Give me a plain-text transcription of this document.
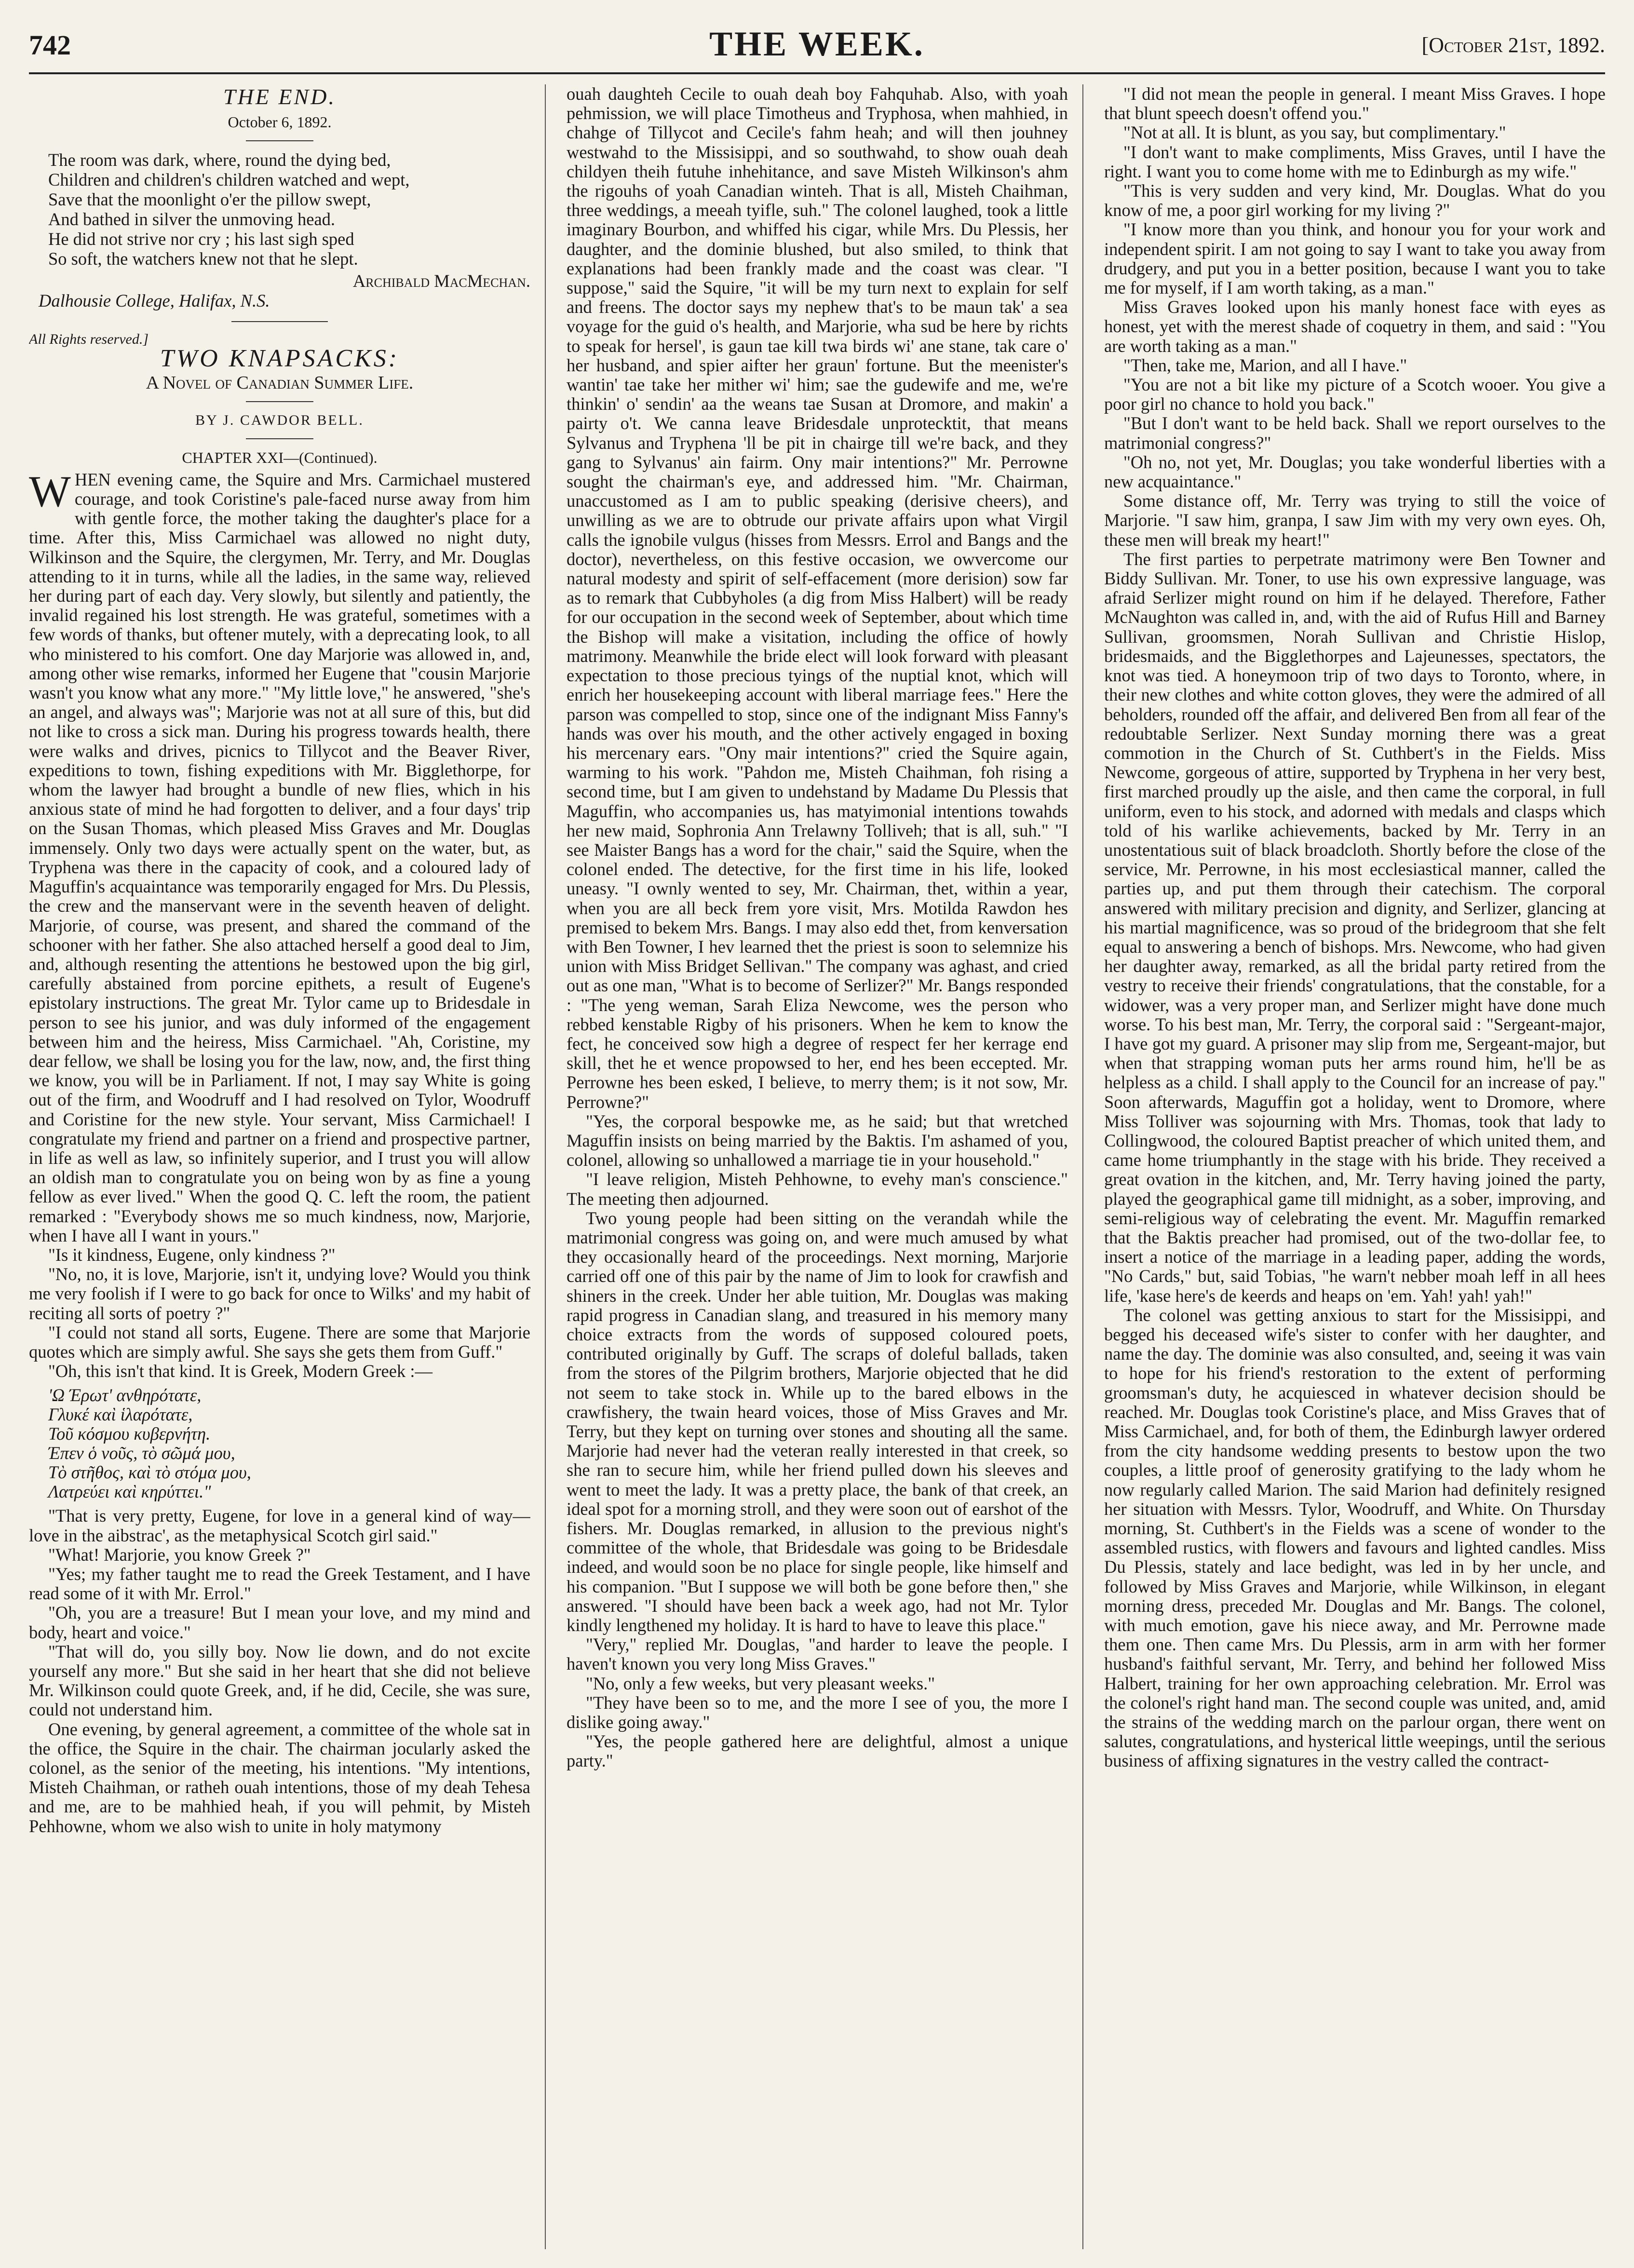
742	THE WEEK.	[October 21st, 1892.
THE END.
October 6, 1892.

The room was dark, where, round the dying bed,

Children and children's children watched and wept,

Save that the moonlight o'er the pillow swept,

And bathed in silver the unmoving head.

He did not strive nor cry ; his last sigh sped

So soft, the watchers knew not that he slept.

Archibald MacMechan.
Dalhousie College, Halifax, N.S.
All Rights reserved.]
TWO KNAPSACKS:
A Novel of Canadian Summer Life.
BY J. CAWDOR BELL.
CHAPTER XXI—(Continued).

WHEN evening came, the Squire and Mrs. Carmichael mustered courage, and took Coristine's pale-faced nurse away from him with gentle force, the mother taking the daughter's place for a time. After this, Miss Carmichael was allowed no night duty, Wilkinson and the Squire, the clergymen, Mr. Terry, and Mr. Douglas attending to it in turns, while all the ladies, in the same way, relieved her during part of each day. Very slowly, but silently and patiently, the invalid regained his lost strength. He was grateful, sometimes with a few words of thanks, but oftener mutely, with a deprecating look, to all who ministered to his comfort. One day Marjorie was allowed in, and, among other wise remarks, informed her Eugene that "cousin Marjorie wasn't you know what any more." "My little love," he answered, "she's an angel, and always was"; Marjorie was not at all sure of this, but did not like to cross a sick man. During his progress towards health, there were walks and drives, picnics to Tillycot and the Beaver River, expeditions to town, fishing expeditions with Mr. Bigglethorpe, for whom the lawyer had brought a bundle of new flies, which in his anxious state of mind he had forgotten to deliver, and a four days' trip on the Susan Thomas, which pleased Miss Graves and Mr. Douglas immensely. Only two days were actually spent on the water, but, as Tryphena was there in the capacity of cook, and a coloured lady of Maguffin's acquaintance was temporarily engaged for Mrs. Du Plessis, the crew and the manservant were in the seventh heaven of delight. Marjorie, of course, was present, and shared the command of the schooner with her father. She also attached herself a good deal to Jim, and, although resenting the attentions he bestowed upon the big girl, carefully abstained from porcine epithets, a result of Eugene's epistolary instructions. The great Mr. Tylor came up to Bridesdale in person to see his junior, and was duly informed of the engagement between him and the heiress, Miss Carmichael. "Ah, Coristine, my dear fellow, we shall be losing you for the law, now, and, the first thing we know, you will be in Parliament. If not, I may say White is going out of the firm, and Woodruff and I had resolved on Tylor, Woodruff and Coristine for the new style. Your servant, Miss Carmichael! I congratulate my friend and partner on a friend and prospective partner, in life as well as law, so infinitely superior, and I trust you will allow an oldish man to congratulate you on being won by as fine a young fellow as ever lived." When the good Q. C. left the room, the patient remarked : "Everybody shows me so much kindness, now, Marjorie, when I have all I want in yours."

"Is it kindness, Eugene, only kindness ?"

"No, no, it is love, Marjorie, isn't it, undying love? Would you think me very foolish if I were to go back for once to Wilks' and my habit of reciting all sorts of poetry ?"

"I could not stand all sorts, Eugene. There are some that Marjorie quotes which are simply awful. She says she gets them from Guff."

"Oh, this isn't that kind. It is Greek, Modern Greek :—

'Ω Έρωτ' ανθηρότατε,

Γλυκέ καὶ ἱλαρότατε,

Τοῦ κόσμου κυβερνήτη.

Έπεν ὁ νοῦς, τὸ σῶμά μου,

Τὸ στῆθος, καὶ τὸ στόμα μου,

Λατρεύει καὶ κηρύττει."

"That is very pretty, Eugene, for love in a general kind of way—love in the aibstrac', as the metaphysical Scotch girl said."

"What! Marjorie, you know Greek ?"

"Yes; my father taught me to read the Greek Testament, and I have read some of it with Mr. Errol."

"Oh, you are a treasure! But I mean your love, and my mind and body, heart and voice."

"That will do, you silly boy. Now lie down, and do not excite yourself any more." But she said in her heart that she did not believe Mr. Wilkinson could quote Greek, and, if he did, Cecile, she was sure, could not understand him.

One evening, by general agreement, a committee of the whole sat in the office, the Squire in the chair. The chairman jocularly asked the colonel, as the senior of the meeting, his intentions. "My intentions, Misteh Chaihman, or ratheh ouah intentions, those of my deah Tehesa and me, are to be mahhied heah, if you will pehmit, by Misteh Pehhowne, whom we also wish to unite in holy matymony

ouah daughteh Cecile to ouah deah boy Fahquhab. Also, with yoah pehmission, we will place Timotheus and Tryphosa, when mahhied, in chahge of Tillycot and Cecile's fahm heah; and will then jouhney westwahd to the Missisippi, and so southwahd, to show ouah deah childyen theih futuhe inhehitance, and save Misteh Wilkinson's ahm the rigouhs of yoah Canadian winteh. That is all, Misteh Chaihman, three weddings, a meeah tyifle, suh." The colonel laughed, took a little imaginary Bourbon, and whiffed his cigar, while Mrs. Du Plessis, her daughter, and the dominie blushed, but also smiled, to think that explanations had been frankly made and the coast was clear. "I suppose," said the Squire, "it will be my turn next to explain for self and freens. The doctor says my nephew that's to be maun tak' a sea voyage for the guid o's health, and Marjorie, wha sud be here by richts to speak for hersel', is gaun tae kill twa birds wi' ane stane, tak care o' her husband, and spier aifter her graun' fortune. But the meenister's wantin' tae take her mither wi' him; sae the gudewife and me, we're thinkin' o' sendin' aa the weans tae Susan at Dromore, and makin' a pairty o't. We canna leave Bridesdale unprotecktit, that means Sylvanus and Tryphena 'll be pit in chairge till we're back, and they gang to Sylvanus' ain fairm. Ony mair intentions?" Mr. Perrowne sought the chairman's eye, and addressed him. "Mr. Chairman, unaccustomed as I am to public speaking (derisive cheers), and unwilling as we are to obtrude our private affairs upon what Virgil calls the ignobile vulgus (hisses from Messrs. Errol and Bangs and the doctor), nevertheless, on this festive occasion, we owvercome our natural modesty and spirit of self-effacement (more derision) sow far as to remark that Cubbyholes (a dig from Miss Halbert) will be ready for our occupation in the second week of September, about which time the Bishop will make a visitation, including the office of howly matrimony. Meanwhile the bride elect will look forward with pleasant expectation to those precious tyings of the nuptial knot, which will enrich her housekeeping account with liberal marriage fees." Here the parson was compelled to stop, since one of the indignant Miss Fanny's hands was over his mouth, and the other actively engaged in boxing his mercenary ears. "Ony mair intentions?" cried the Squire again, warming to his work. "Pahdon me, Misteh Chaihman, foh rising a second time, but I am given to undehstand by Madame Du Plessis that Maguffin, who accompanies us, has matyimonial intentions towahds her new maid, Sophronia Ann Trelawny Tolliveh; that is all, suh." "I see Maister Bangs has a word for the chair," said the Squire, when the colonel ended. The detective, for the first time in his life, looked uneasy. "I ownly wented to sey, Mr. Chairman, thet, within a year, when you are all beck frem yore visit, Mrs. Motilda Rawdon hes premised to bekem Mrs. Bangs. I may also edd thet, from kenversation with Ben Towner, I hev learned thet the priest is soon to selemnize his union with Miss Bridget Sellivan." The company was aghast, and cried out as one man, "What is to become of Serlizer?" Mr. Bangs responded : "The yeng weman, Sarah Eliza Newcome, wes the person who rebbed kenstable Rigby of his prisoners. When he kem to know the fect, he conceived sow high a degree of respect fer her kerrage end skill, thet he et wence propowsed to her, end hes been eccepted. Mr. Perrowne hes been esked, I believe, to merry them; is it not sow, Mr. Perrowne?"

"Yes, the corporal bespowke me, as he said; but that wretched Maguffin insists on being married by the Baktis. I'm ashamed of you, colonel, allowing so unhallowed a marriage tie in your household."

"I leave religion, Misteh Pehhowne, to evehy man's conscience." The meeting then adjourned.

Two young people had been sitting on the verandah while the matrimonial congress was going on, and were much amused by what they occasionally heard of the proceedings. Next morning, Marjorie carried off one of this pair by the name of Jim to look for crawfish and shiners in the creek. Under her able tuition, Mr. Douglas was making rapid progress in Canadian slang, and treasured in his memory many choice extracts from the words of supposed coloured poets, contributed originally by Guff. The scraps of doleful ballads, taken from the stores of the Pilgrim brothers, Marjorie objected that he did not seem to take stock in. While up to the bared elbows in the crawfishery, the twain heard voices, those of Miss Graves and Mr. Terry, but they kept on turning over stones and shouting all the same. Marjorie had never had the veteran really interested in that creek, so she ran to secure him, while her friend pulled down his sleeves and went to meet the lady. It was a pretty place, the bank of that creek, an ideal spot for a morning stroll, and they were soon out of earshot of the fishers. Mr. Douglas remarked, in allusion to the previous night's committee of the whole, that Bridesdale was going to be Bridesdale indeed, and would soon be no place for single people, like himself and his companion. "But I suppose we will both be gone before then," she answered. "I should have been back a week ago, had not Mr. Tylor kindly lengthened my holiday. It is hard to have to leave this place."

"Very," replied Mr. Douglas, "and harder to leave the people. I haven't known you very long Miss Graves."

"No, only a few weeks, but very pleasant weeks."

"They have been so to me, and the more I see of you, the more I dislike going away."

"Yes, the people gathered here are delightful, almost a unique party."

"I did not mean the people in general. I meant Miss Graves. I hope that blunt speech doesn't offend you."

"Not at all. It is blunt, as you say, but complimentary."

"I don't want to make compliments, Miss Graves, until I have the right. I want you to come home with me to Edinburgh as my wife."

"This is very sudden and very kind, Mr. Douglas. What do you know of me, a poor girl working for my living ?"

"I know more than you think, and honour you for your work and independent spirit. I am not going to say I want to take you away from drudgery, and put you in a better position, because I want you to take me for myself, if I am worth taking, as a man."

Miss Graves looked upon his manly honest face with eyes as honest, yet with the merest shade of coquetry in them, and said : "You are worth taking as a man."

"Then, take me, Marion, and all I have."

"You are not a bit like my picture of a Scotch wooer. You give a poor girl no chance to hold you back."

"But I don't want to be held back. Shall we report ourselves to the matrimonial congress?"

"Oh no, not yet, Mr. Douglas; you take wonderful liberties with a new acquaintance."

Some distance off, Mr. Terry was trying to still the voice of Marjorie. "I saw him, granpa, I saw Jim with my very own eyes. Oh, these men will break my heart!"

The first parties to perpetrate matrimony were Ben Towner and Biddy Sullivan. Mr. Toner, to use his own expressive language, was afraid Serlizer might round on him if he delayed. Therefore, Father McNaughton was called in, and, with the aid of Rufus Hill and Barney Sullivan, groomsmen, Norah Sullivan and Christie Hislop, bridesmaids, and the Bigglethorpes and Lajeunesses, spectators, the knot was tied. A honeymoon trip of two days to Toronto, where, in their new clothes and white cotton gloves, they were the admired of all beholders, rounded off the affair, and delivered Ben from all fear of the redoubtable Serlizer. Next Sunday morning there was a great commotion in the Church of St. Cuthbert's in the Fields. Miss Newcome, gorgeous of attire, supported by Tryphena in her very best, first marched proudly up the aisle, and then came the corporal, in full uniform, even to his stock, and adorned with medals and clasps which told of his warlike achievements, backed by Mr. Terry in an unostentatious suit of black broadcloth. Shortly before the close of the service, Mr. Perrowne, in his most ecclesiastical manner, called the parties up, and put them through their catechism. The corporal answered with military precision and dignity, and Serlizer, glancing at his martial magnificence, was so proud of the bridegroom that she felt equal to answering a bench of bishops. Mrs. Newcome, who had given her daughter away, remarked, as all the bridal party retired from the vestry to receive their friends' congratulations, that the constable, for a widower, was a very proper man, and Serlizer might have done much worse. To his best man, Mr. Terry, the corporal said : "Sergeant-major, I have got my guard. A prisoner may slip from me, Sergeant-major, but when that strapping woman puts her arms round him, he'll be as helpless as a child. I shall apply to the Council for an increase of pay." Soon afterwards, Maguffin got a holiday, went to Dromore, where Miss Tolliver was sojourning with Mrs. Thomas, took that lady to Collingwood, the coloured Baptist preacher of which united them, and came home triumphantly in the stage with his bride. They received a great ovation in the kitchen, and, Mr. Terry having joined the party, played the geographical game till midnight, as a sober, improving, and semi-religious way of celebrating the event. Mr. Maguffin remarked that the Baktis preacher had promised, out of the two-dollar fee, to insert a notice of the marriage in a leading paper, adding the words, "No Cards," but, said Tobias, "he warn't nebber moah leff in all hees life, 'kase here's de keerds and heaps on 'em. Yah! yah! yah!"

The colonel was getting anxious to start for the Missisippi, and begged his deceased wife's sister to confer with her daughter, and name the day. The dominie was also consulted, and, seeing it was vain to hope for his friend's restoration to the extent of performing groomsman's duty, he acquiesced in whatever decision should be reached. Mr. Douglas took Coristine's place, and Miss Graves that of Miss Carmichael, and, for both of them, the Edinburgh lawyer ordered from the city handsome wedding presents to bestow upon the two couples, a little proof of generosity gratifying to the lady whom he now regularly called Marion. The said Marion had definitely resigned her situation with Messrs. Tylor, Woodruff, and White. On Thursday morning, St. Cuthbert's in the Fields was a scene of wonder to the assembled rustics, with flowers and favours and lighted candles. Miss Du Plessis, stately and lace bedight, was led in by her uncle, and followed by Miss Graves and Marjorie, while Wilkinson, in elegant morning dress, preceded Mr. Douglas and Mr. Bangs. The colonel, with much emotion, gave his niece away, and Mr. Perrowne made them one. Then came Mrs. Du Plessis, arm in arm with her former husband's faithful servant, Mr. Terry, and behind her followed Miss Halbert, training for her own approaching celebration. Mr. Errol was the colonel's right hand man. The second couple was united, and, amid the strains of the wedding march on the parlour organ, there went on salutes, congratulations, and hysterical little weepings, until the serious business of affixing signatures in the vestry called the contract-
